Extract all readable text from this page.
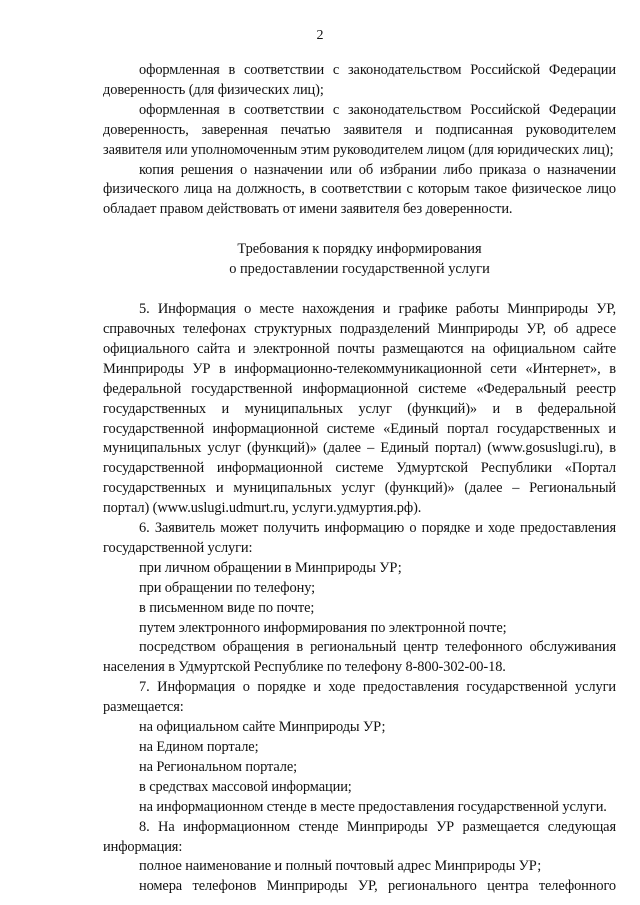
2

оформленная в соответствии с законодательством Российской Федерации доверенность (для физических лиц);

оформленная в соответствии с законодательством Российской Федерации доверенность, заверенная печатью заявителя и подписанная руководителем заявителя или уполномоченным этим руководителем лицом (для юридических лиц);

копия решения о назначении или об избрании либо приказа о назначении физического лица на должность, в соответствии с которым такое физическое лицо обладает правом действовать от имени заявителя без доверенности.

Требования к порядку информирования

о предоставлении государственной услуги

5. Информация о месте нахождения и графике работы Минприроды УР, справочных телефонах структурных подразделений Минприроды УР, об адресе официального сайта и электронной почты размещаются на официальном сайте Минприроды УР в информационно-телекоммуникационной сети «Интернет», в федеральной государственной информационной системе «Федеральный реестр государственных и муниципальных услуг (функций)» и в федеральной государственной информационной системе «Единый портал государственных и муниципальных услуг (функций)» (далее – Единый портал) (www.gosuslugi.ru), в государственной информационной системе Удмуртской Республики «Портал государственных и муниципальных услуг (функций)» (далее – Региональный портал) (www.uslugi.udmurt.ru, услуги.удмуртия.рф).

6. Заявитель может получить информацию о порядке и ходе предоставления государственной услуги:

при личном обращении в Минприроды УР;

при обращении по телефону;

в письменном виде по почте;

путем электронного информирования по электронной почте;

посредством обращения в региональный центр телефонного обслуживания населения в Удмуртской Республике по телефону 8-800-302-00-18.

7. Информация о порядке и ходе предоставления государственной услуги размещается:

на официальном сайте Минприроды УР;

на Едином портале;

на Региональном портале;

в средствах массовой информации;

на информационном стенде в месте предоставления государственной услуги.

8. На информационном стенде Минприроды УР размещается следующая информация:

полное наименование и полный почтовый адрес Минприроды УР;

номера телефонов Минприроды УР, регионального центра телефонного
